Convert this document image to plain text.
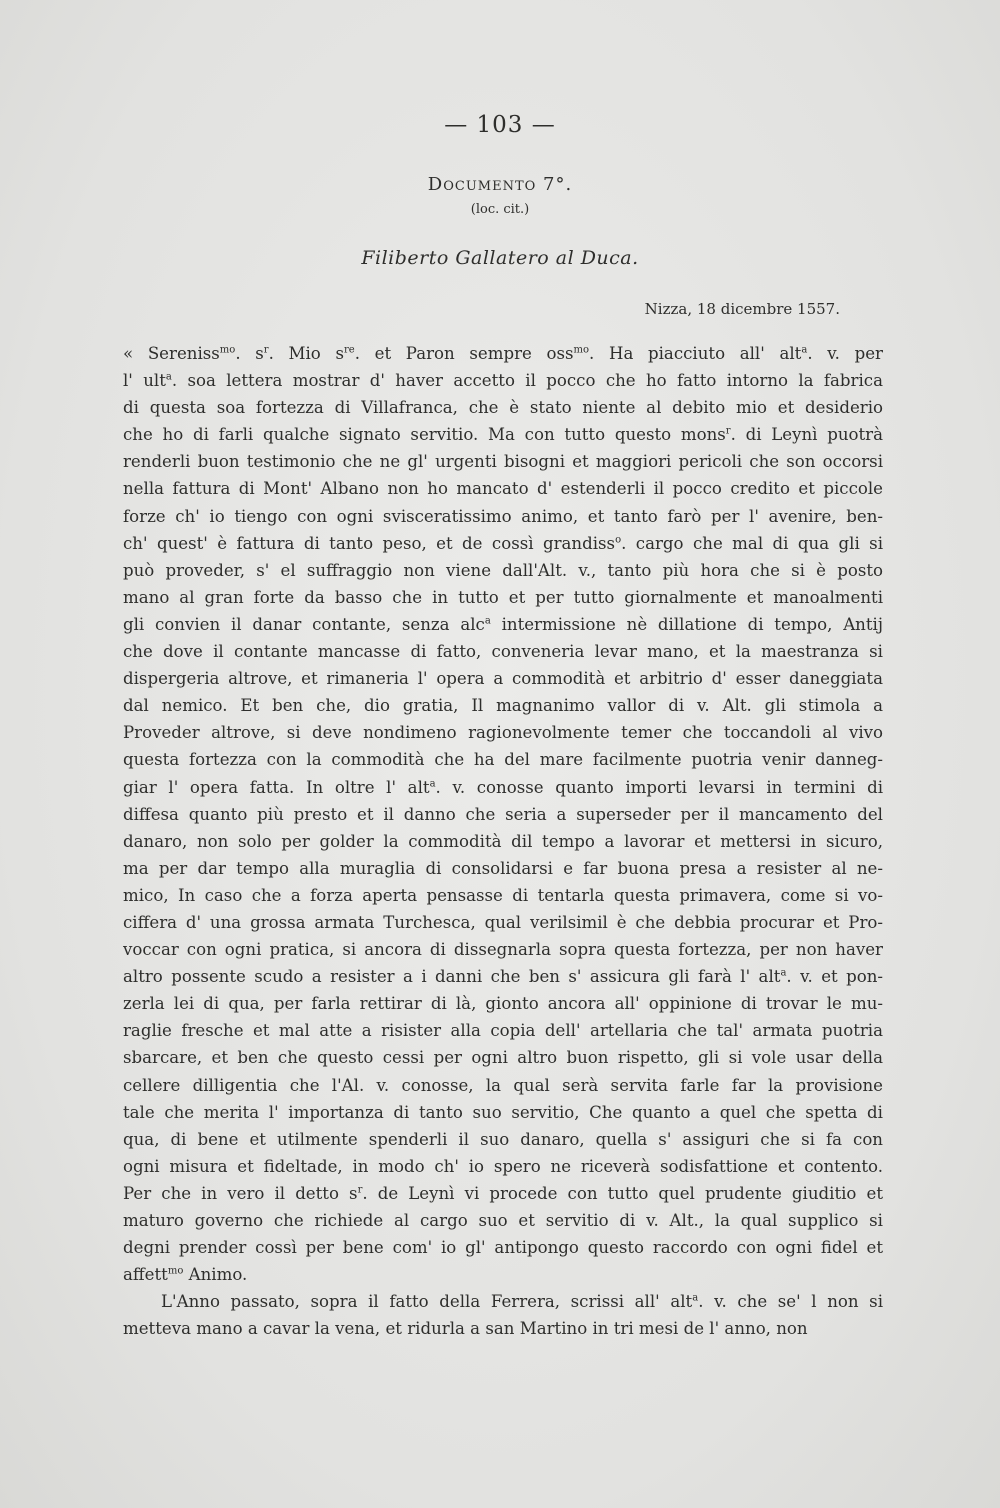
— 103 —
Documento 7°.
(loc. cit.)
Filiberto Gallatero al Duca.
Nizza, 18 dicembre 1557.
« Sereniss$^{mo}$. $s^r$. Mio $s^{re}$. et Paron sempre oss$^{mo}$. Ha piacciuto all' alt$^a$. v. per
l' ult$^a$. soa lettera mostrar d' haver accetto il pocco che ho fatto intorno la fabrica
di questa soa fortezza di Villafranca, che è stato niente al debito mio et desiderio
che ho di farli qualche signato servitio. Ma con tutto questo mons$^r$. di Leynì puotrà
renderli buon testimonio che ne gl' urgenti bisogni et maggiori pericoli che son occorsi
nella fattura di Mont' Albano non ho mancato d' estenderli il pocco credito et piccole
forze ch' io tiengo con ogni svisceratissimo animo, et tanto farò per l' avenire, ben-
ch' quest' è fattura di tanto peso, et de cossì grandiss$^o$. cargo che mal di qua gli si
può proveder, s' el suffraggio non viene dall'Alt. v., tanto più hora che si è posto
mano al gran forte da basso che in tutto et per tutto giornalmente et manoalmenti
gli convien il danar contante, senza alc$^a$ intermissione nè dillatione di tempo, Antij
che dove il contante mancasse di fatto, conveneria levar mano, et la maestranza si
dispergeria altrove, et rimaneria l' opera a commodità et arbitrio d' esser daneggiata
dal nemico. Et ben che, dio gratia, Il magnanimo vallor di v. Alt. gli stimola a
Proveder altrove, si deve nondimeno ragionevolmente temer che toccandoli al vivo
questa fortezza con la commodità che ha del mare facilmente puotria venir danneg-
giar l' opera fatta. In oltre l' alt$^a$. v. conosse quanto importi levarsi in termini di
diffesa quanto più presto et il danno che seria a superseder per il mancamento del
danaro, non solo per golder la commodità dil tempo a lavorar et mettersi in sicuro,
ma per dar tempo alla muraglia di consolidarsi e far buona presa a resister al ne-
mico, In caso che a forza aperta pensasse di tentarla questa primavera, come si vo-
ciffera d' una grossa armata Turchesca, qual verilsimil è che debbia procurar et Pro-
voccar con ogni pratica, si ancora di dissegnarla sopra questa fortezza, per non haver
altro possente scudo a resister a i danni che ben s' assicura gli farà l' alt$^a$. v. et pon-
zerla lei di qua, per farla rettirar di là, gionto ancora all' oppinione di trovar le mu-
raglie fresche et mal atte a risister alla copia dell' artellaria che tal' armata puotria
sbarcare, et ben che questo cessi per ogni altro buon rispetto, gli si vole usar della
cellere dilligentia che l'Al. v. conosse, la qual serà servita farle far la provisione
tale che merita l' importanza di tanto suo servitio, Che quanto a quel che spetta di
qua, di bene et utilmente spenderli il suo danaro, quella s' assiguri che si fa con
ogni misura et fideltade, in modo ch' io spero ne riceverà sodisfattione et contento.
Per che in vero il detto $s^r$. de Leynì vi procede con tutto quel prudente giuditio et
maturo governo che richiede al cargo suo et servitio di v. Alt., la qual supplico si
degni prender cossì per bene com' io gl' antipongo questo raccordo con ogni fidel et
affett$^{mo}$ Animo.
L'Anno passato, sopra il fatto della Ferrera, scrissi all' alt$^a$. v. che se' l non si
metteva mano a cavar la vena, et ridurla a san Martino in tri mesi de l' anno, non
